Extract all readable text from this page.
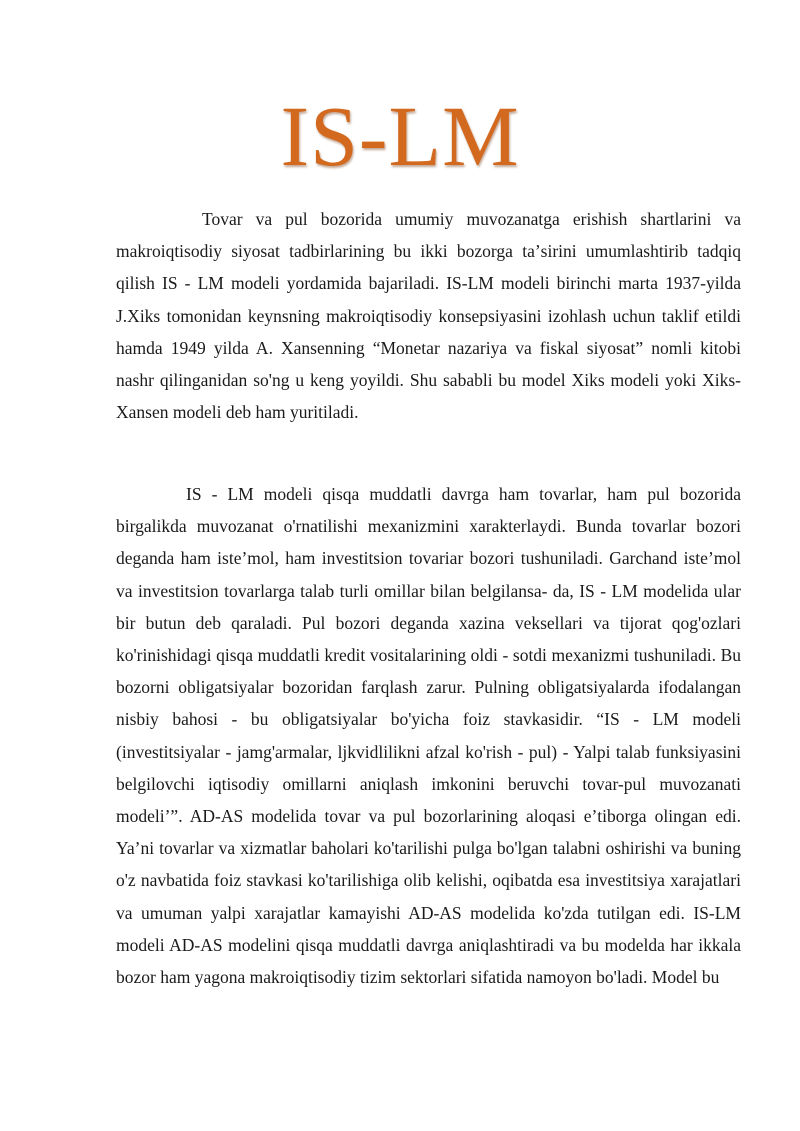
IS-LM

Tovar va pul bozorida umumiy muvozanatga erishish shartlarini va makroiqtisodiy siyosat tadbirlarining bu ikki bozorga taʼsirini umumlashtirib tadqiq qilish IS - LM modeli yordamida bajariladi. IS-LM modeli birinchi marta 1937-yilda J.Xiks tomonidan keynsning makroiqtisodiy konsepsiyasini izohlash uchun taklif etildi hamda 1949 yilda A. Xansenning “Monetar nazariya va fiskal siyosat” nomli kitobi nashr qilinganidan so'ng u keng yoyildi. Shu sababli bu model Xiks modeli yoki Xiks-Xansen modeli deb ham yuritiladi.

IS - LM modeli qisqa muddatli davrga ham tovarlar, ham pul bozorida birgalikda muvozanat o'rnatilishi mexanizmini xarakterlaydi. Bunda tovarlar bozori deganda ham isteʼmol, ham investitsion tovariar bozori tushuniladi. Garchand isteʼmol va investitsion tovarlarga talab turli omillar bilan belgilansa- da, IS - LM modelida ular bir butun deb qaraladi. Pul bozori deganda xazina veksellari va tijorat qog'ozlari ko'rinishidagi qisqa muddatli kredit vositalarining oldi - sotdi mexanizmi tushuniladi. Bu bozorni obligatsiyalar bozoridan farqlash zarur. Pulning obligatsiyalarda ifodalangan nisbiy bahosi - bu obligatsiyalar bo'yicha foiz stavkasidir. “IS - LM modeli (investitsiyalar - jamg'armalar, ljkvidlilikni afzal ko'rish - pul) - Yalpi talab funksiyasini belgilovchi iqtisodiy omillarni aniqlash imkonini beruvchi tovar-pul muvozanati modeli’”. AD-AS modelida tovar va pul bozorlarining aloqasi eʼtiborga olingan edi. Yaʼni tovarlar va xizmatlar baholari ko'tarilishi pulga bo'lgan talabni oshirishi va buning o'z navbatida foiz stavkasi ko'tarilishiga olib kelishi, oqibatda esa investitsiya xarajatlari va umuman yalpi xarajatlar kamayishi AD-AS modelida ko'zda tutilgan edi. IS-LM modeli AD-AS modelini qisqa muddatli davrga aniqlashtiradi va bu modelda har ikkala bozor ham yagona makroiqtisodiy tizim sektorlari sifatida namoyon bo'ladi. Model bu
